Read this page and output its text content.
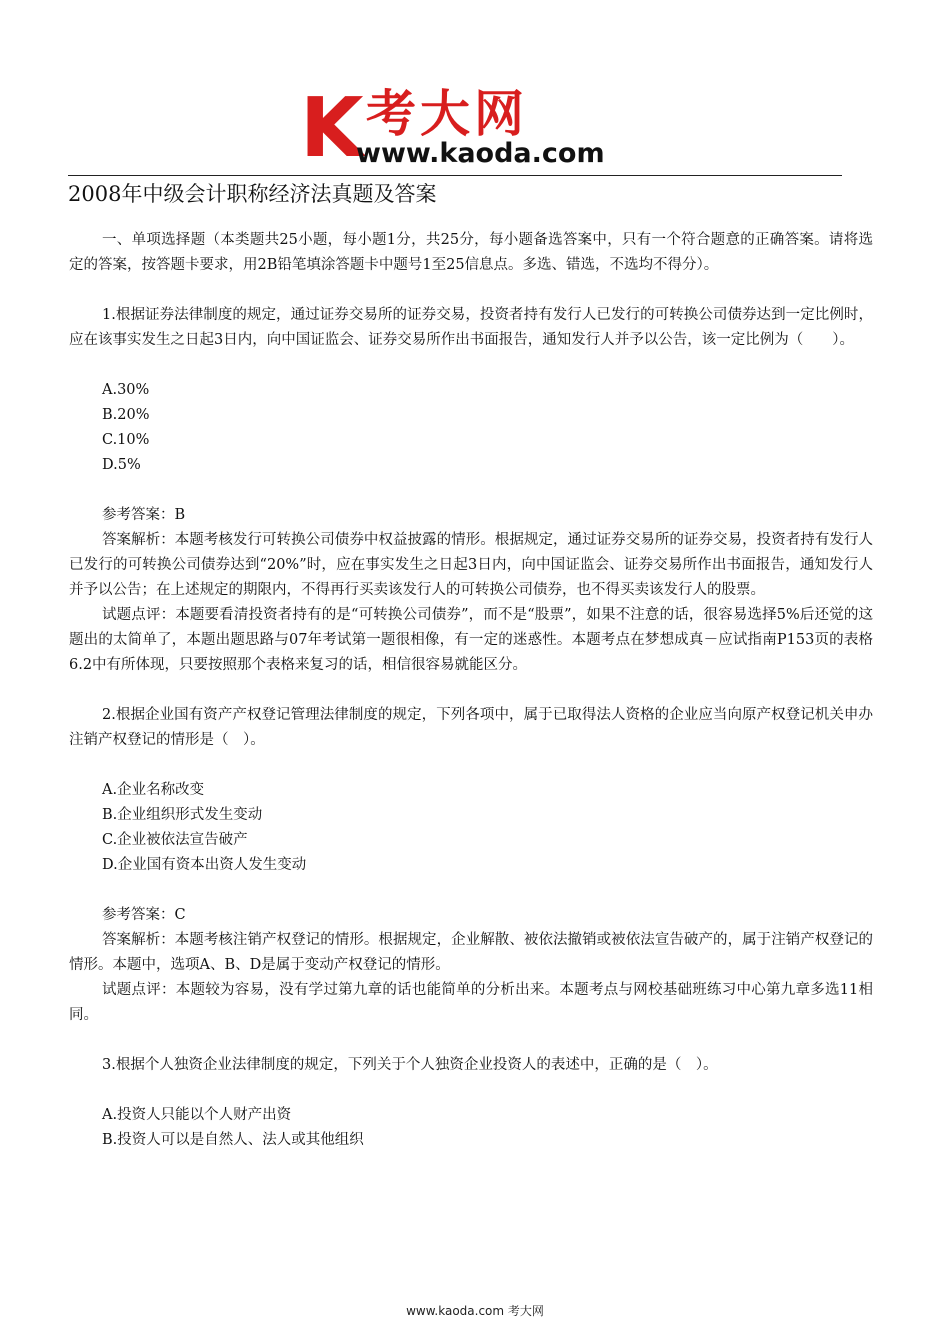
K 考大网
www.kaoda.com
2008年中级会计职称经济法真题及答案

一、单项选择题（本类题共25小题，每小题1分，共25分，每小题备选答案中，只有一个符合题意的正确答案。请将选定的答案，按答题卡要求，用2B铅笔填涂答题卡中题号1至25信息点。多选、错选，不选均不得分）。

1.根据证券法律制度的规定，通过证券交易所的证券交易，投资者持有发行人已发行的可转换公司债券达到一定比例时，应在该事实发生之日起3日内，向中国证监会、证券交易所作出书面报告，通知发行人并予以公告，该一定比例为（　　）。

A.30%
B.20%
C.10%
D.5%

参考答案：B

答案解析：本题考核发行可转换公司债券中权益披露的情形。根据规定，通过证券交易所的证券交易，投资者持有发行人已发行的可转换公司债券达到“20%”时，应在事实发生之日起3日内，向中国证监会、证券交易所作出书面报告，通知发行人并予以公告；在上述规定的期限内，不得再行买卖该发行人的可转换公司债券，也不得买卖该发行人的股票。

试题点评：本题要看清投资者持有的是“可转换公司债券”，而不是“股票”，如果不注意的话，很容易选择5%后还觉的这题出的太简单了，本题出题思路与07年考试第一题很相像，有一定的迷惑性。本题考点在梦想成真－应试指南P153页的表格6.2中有所体现，只要按照那个表格来复习的话，相信很容易就能区分。

2.根据企业国有资产产权登记管理法律制度的规定，下列各项中，属于已取得法人资格的企业应当向原产权登记机关申办注销产权登记的情形是（　）。

A.企业名称改变
B.企业组织形式发生变动
C.企业被依法宣告破产
D.企业国有资本出资人发生变动

参考答案：C

答案解析：本题考核注销产权登记的情形。根据规定，企业解散、被依法撤销或被依法宣告破产的，属于注销产权登记的情形。本题中，选项A、B、D是属于变动产权登记的情形。

试题点评：本题较为容易，没有学过第九章的话也能简单的分析出来。本题考点与网校基础班练习中心第九章多选11相同。

3.根据个人独资企业法律制度的规定，下列关于个人独资企业投资人的表述中，正确的是（　）。

A.投资人只能以个人财产出资
B.投资人可以是自然人、法人或其他组织
www.kaoda.com 考大网
